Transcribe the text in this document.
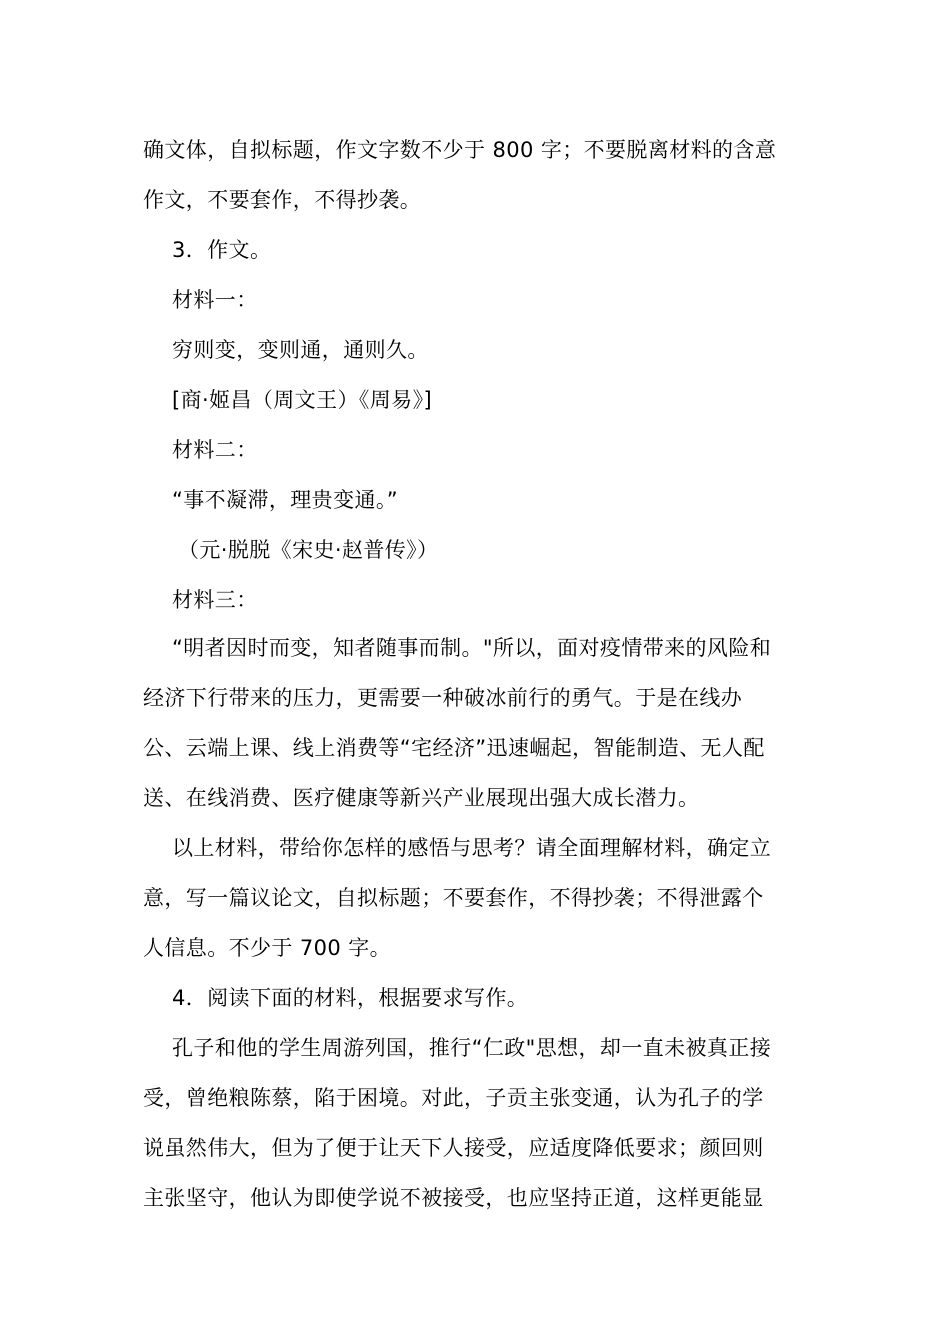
确文体，自拟标题，作文字数不少于 800 字；不要脱离材料的含意
作文，不要套作，不得抄袭。
3．作文。
材料一：
穷则变，变则通，通则久。
[商·姬昌（周文王）《周易》]
材料二：
“事不凝滞，理贵变通。”
（元·脱脱《宋史·赵普传》）
材料三：
“明者因时而变，知者随事而制。"所以，面对疫情带来的风险和
经济下行带来的压力，更需要一种破冰前行的勇气。于是在线办
公、云端上课、线上消费等“宅经济”迅速崛起，智能制造、无人配
送、在线消费、医疗健康等新兴产业展现出强大成长潜力。
以上材料，带给你怎样的感悟与思考？请全面理解材料，确定立
意，写一篇议论文，自拟标题；不要套作，不得抄袭；不得泄露个
人信息。不少于 700 字。
4．阅读下面的材料，根据要求写作。
孔子和他的学生周游列国，推行“仁政"思想，却一直未被真正接
受，曾绝粮陈蔡，陷于困境。对此，子贡主张变通，认为孔子的学
说虽然伟大，但为了便于让天下人接受，应适度降低要求；颜回则
主张坚守，他认为即使学说不被接受，也应坚持正道，这样更能显
